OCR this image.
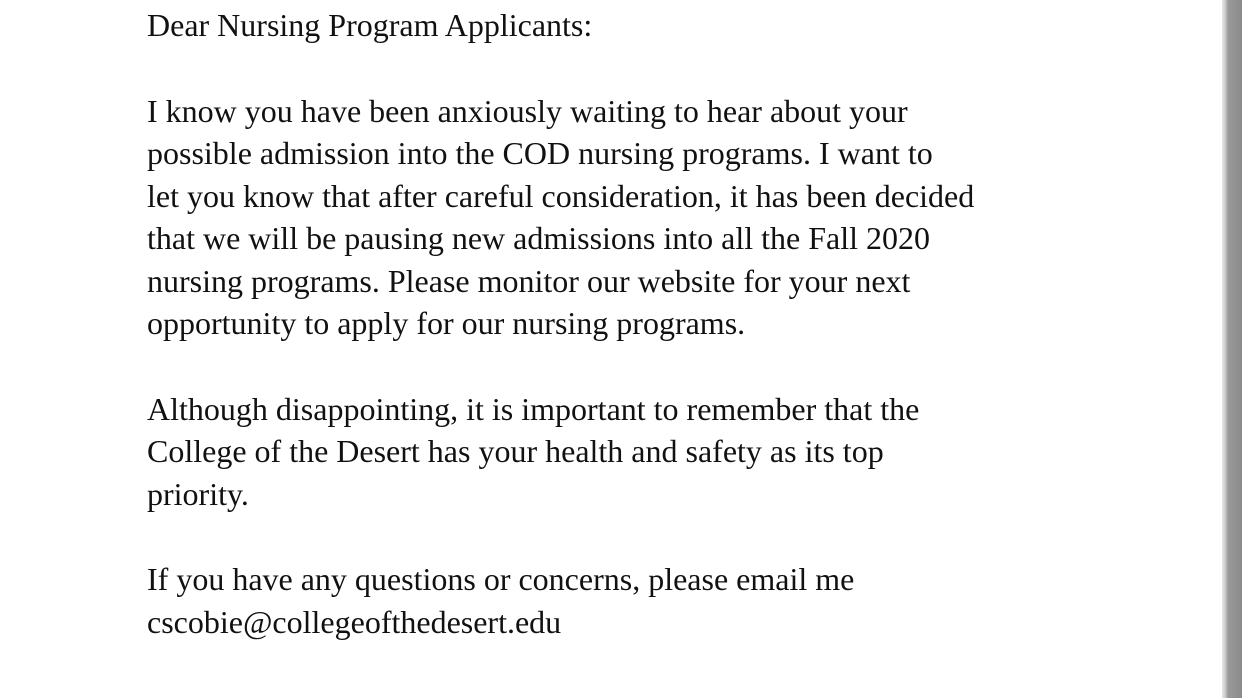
Dear Nursing Program Applicants:
I know you have been anxiously waiting to hear about your
possible admission into the COD nursing programs. I want to
let you know that after careful consideration, it has been decided
that we will be pausing new admissions into all the Fall 2020
nursing programs. Please monitor our website for your next
opportunity to apply for our nursing programs.
Although disappointing, it is important to remember that the
College of the Desert has your health and safety as its top
priority.
If you have any questions or concerns, please email me
cscobie@collegeofthedesert.edu
